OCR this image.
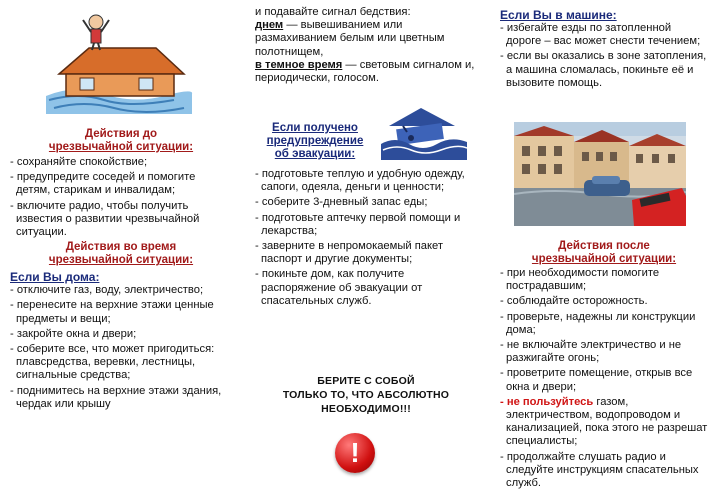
Действия до
чрезвычайной ситуации:
- сохраняйте спокойствие;
- предупредите соседей и помогите детям, старикам и инвалидам;
- включите радио, чтобы получить известия о развитии чрезвычайной ситуации.
Действия во время
чрезвычайной ситуации:
Если Вы дома:
- отключите газ, воду, электричество;
- перенесите на верхние этажи ценные предметы и вещи;
- закройте окна и двери;
- соберите все, что может пригодиться: плавсредства, веревки, лестницы, сигнальные средства;
- поднимитесь на верхние этажи здания, чердак или крышу
и подавайте сигнал бедствия:
днем — вывешиванием или размахиванием белым или цветным полотнищем,
в темное время — световым сигналом и, периодически, голосом.
Если получено
предупреждение
об эвакуации:
- подготовьте теплую и удобную одежду, сапоги, одеяла, деньги и ценности;
- соберите 3-дневный запас еды;
- подготовьте аптечку первой помощи и лекарства;
- заверните в непромокаемый пакет паспорт и другие документы;
- покиньте дом, как получите распоряжение об эвакуации от спасательных служб.
БЕРИТЕ С СОБОЙ
ТОЛЬКО ТО, ЧТО АБСОЛЮТНО
НЕОБХОДИМО!!!
!
Если Вы в машине:
- избегайте езды по затопленной дороге – вас может снести течением;
- если вы оказались в зоне затопления, а машина сломалась, покиньте её и вызовите помощь.
Действия после
чрезвычайной ситуации:
- при необходимости помогите пострадавшим;
- соблюдайте осторожность.
- проверьте, надежны ли конструкции дома;
- не включайте электричество и не разжигайте огонь;
- проветрите помещение, открыв все окна и двери;
- не пользуйтесь газом, электричеством, водопроводом и канализацией, пока этого не разрешат специалисты;
- продолжайте слушать радио и следуйте инструкциям спасательных служб.
